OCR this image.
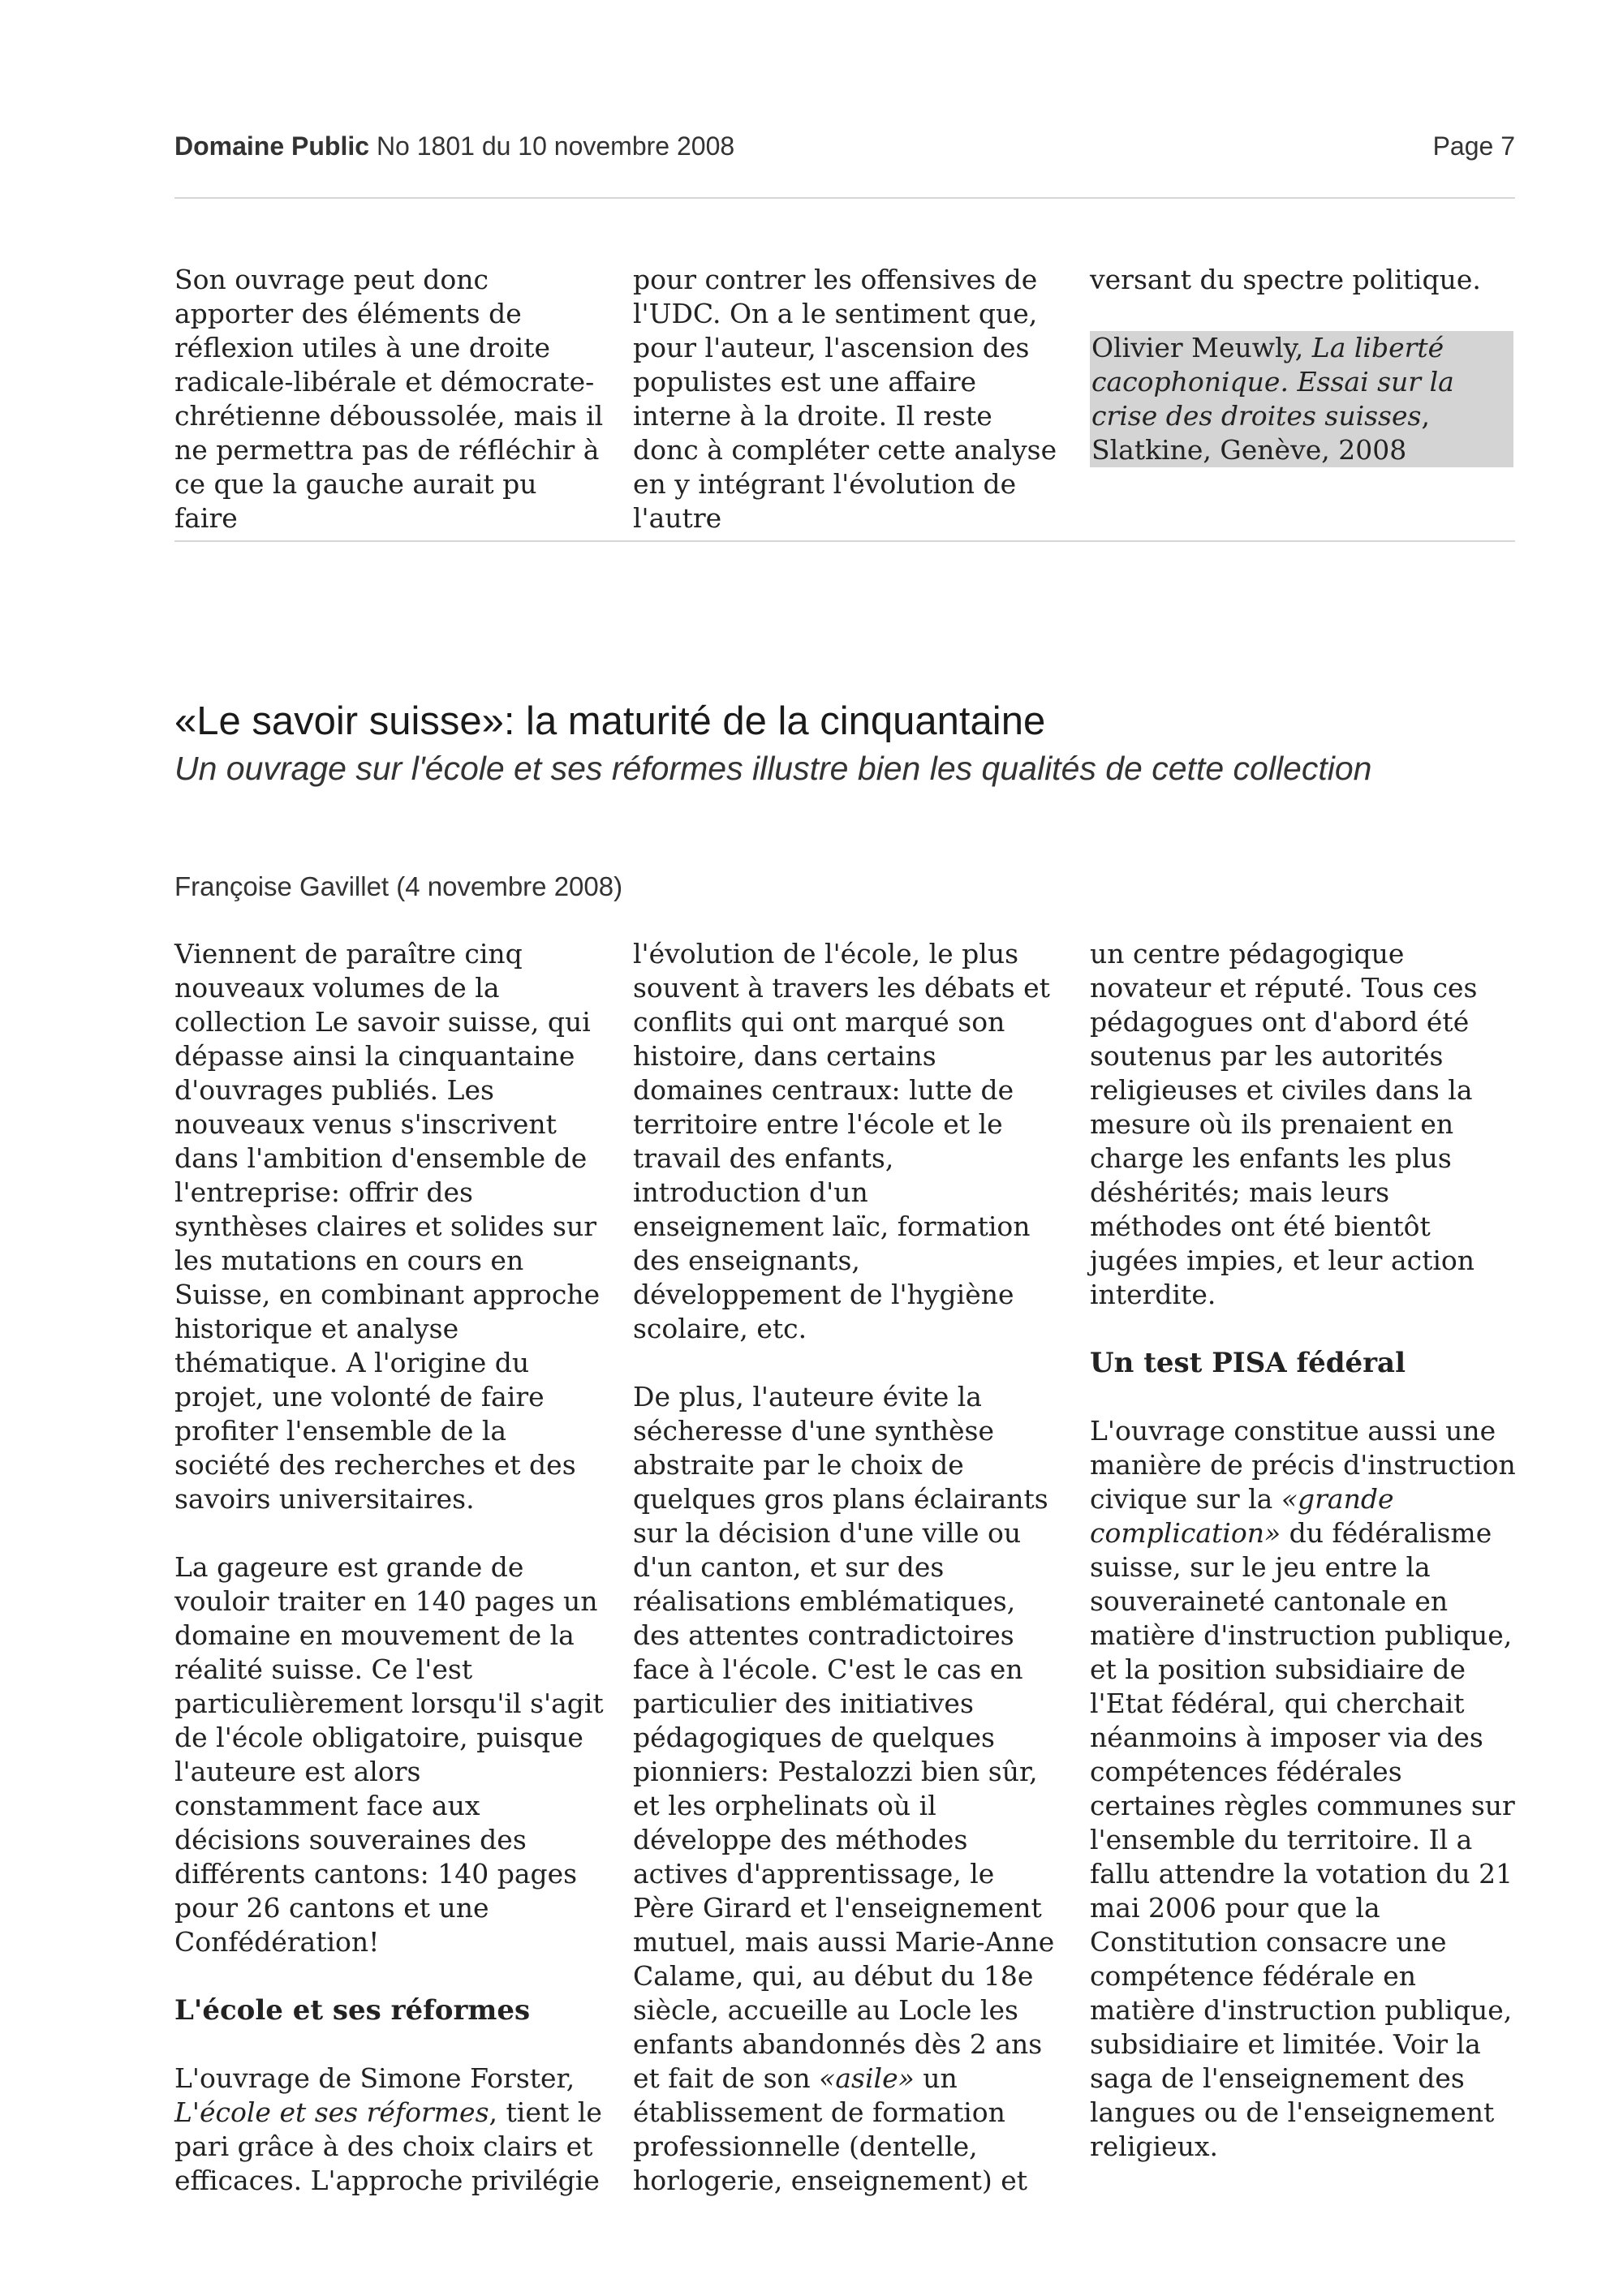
Domaine Public No 1801 du 10 novembre 2008	Page 7

Son ouvrage peut donc apporter des éléments de réflexion utiles à une droite radicale-libérale et démocrate-chrétienne déboussolée, mais il ne permettra pas de réfléchir à ce que la gauche aurait pu faire

pour contrer les offensives de l'UDC. On a le sentiment que, pour l'auteur, l'ascension des populistes est une affaire interne à la droite. Il reste donc à compléter cette analyse en y intégrant l'évolution de l'autre

versant du spectre politique.

Olivier Meuwly, La liberté cacophonique. Essai sur la crise des droites suisses, Slatkine, Genève, 2008
«Le savoir suisse»: la maturité de la cinquantaine

Un ouvrage sur l'école et ses réformes illustre bien les qualités de cette collection

Françoise Gavillet (4 novembre 2008)

Viennent de paraître cinq nouveaux volumes de la collection Le savoir suisse, qui dépasse ainsi la cinquantaine d'ouvrages publiés. Les nouveaux venus s'inscrivent dans l'ambition d'ensemble de l'entreprise: offrir des synthèses claires et solides sur les mutations en cours en Suisse, en combinant approche historique et analyse thématique. A l'origine du projet, une volonté de faire profiter l'ensemble de la société des recherches et des savoirs universitaires.

La gageure est grande de vouloir traiter en 140 pages un domaine en mouvement de la réalité suisse. Ce l'est particulièrement lorsqu'il s'agit de l'école obligatoire, puisque l'auteure est alors constamment face aux décisions souveraines des différents cantons: 140 pages pour 26 cantons et une Confédération!

L'école et ses réformes

L'ouvrage de Simone Forster, L'école et ses réformes, tient le pari grâce à des choix clairs et efficaces. L'approche privilégie

l'évolution de l'école, le plus souvent à travers les débats et conflits qui ont marqué son histoire, dans certains domaines centraux: lutte de territoire entre l'école et le travail des enfants, introduction d'un enseignement laïc, formation des enseignants, développement de l'hygiène scolaire, etc.

De plus, l'auteure évite la sécheresse d'une synthèse abstraite par le choix de quelques gros plans éclairants sur la décision d'une ville ou d'un canton, et sur des réalisations emblématiques, des attentes contradictoires face à l'école. C'est le cas en particulier des initiatives pédagogiques de quelques pionniers: Pestalozzi bien sûr, et les orphelinats où il développe des méthodes actives d'apprentissage, le Père Girard et l'enseignement mutuel, mais aussi Marie-Anne Calame, qui, au début du 18e siècle, accueille au Locle les enfants abandonnés dès 2 ans et fait de son «asile» un établissement de formation professionnelle (dentelle, horlogerie, enseignement) et

un centre pédagogique novateur et réputé. Tous ces pédagogues ont d'abord été soutenus par les autorités religieuses et civiles dans la mesure où ils prenaient en charge les enfants les plus déshérités; mais leurs méthodes ont été bientôt jugées impies, et leur action interdite.

Un test PISA fédéral

L'ouvrage constitue aussi une manière de précis d'instruction civique sur la «grande complication» du fédéralisme suisse, sur le jeu entre la souveraineté cantonale en matière d'instruction publique, et la position subsidiaire de l'Etat fédéral, qui cherchait néanmoins à imposer via des compétences fédérales certaines règles communes sur l'ensemble du territoire. Il a fallu attendre la votation du 21 mai 2006 pour que la Constitution consacre une compétence fédérale en matière d'instruction publique, subsidiaire et limitée. Voir la saga de l'enseignement des langues ou de l'enseignement religieux.
